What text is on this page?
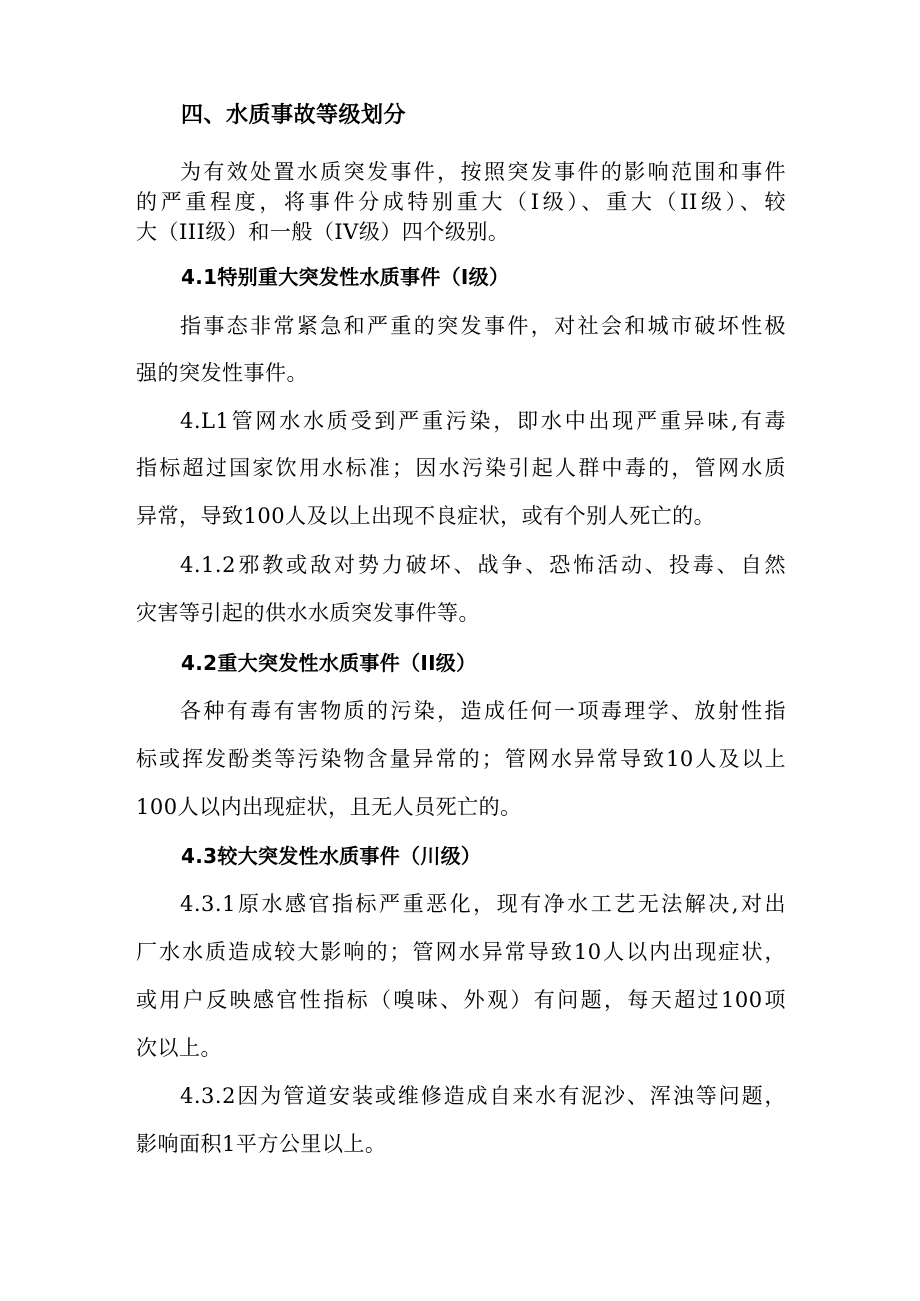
四、水质事故等级划分
为有效处置水质突发事件，按照突发事件的影响范围和事件
的严重程度，将事件分成特别重大（I级）、重大（II级）、较
大（III级）和一般（IV级）四个级别。
4.1特别重大突发性水质事件（I级）
指事态非常紧急和严重的突发事件，对社会和城市破坏性极
强的突发性事件。
4.L1管网水水质受到严重污染，即水中出现严重异味,有毒
指标超过国家饮用水标准；因水污染引起人群中毒的，管网水质
异常，导致100人及以上出现不良症状，或有个别人死亡的。
4.1.2邪教或敌对势力破坏、战争、恐怖活动、投毒、自然
灾害等引起的供水水质突发事件等。
4.2重大突发性水质事件（II级）
各种有毒有害物质的污染，造成任何一项毒理学、放射性指
标或挥发酚类等污染物含量异常的；管网水异常导致10人及以上
100人以内出现症状，且无人员死亡的。
4.3较大突发性水质事件（川级）
4.3.1原水感官指标严重恶化，现有净水工艺无法解决,对出
厂水水质造成较大影响的；管网水异常导致10人以内出现症状，
或用户反映感官性指标（嗅味、外观）有问题，每天超过100项
次以上。
4.3.2因为管道安装或维修造成自来水有泥沙、浑浊等问题，
影响面积1平方公里以上。
